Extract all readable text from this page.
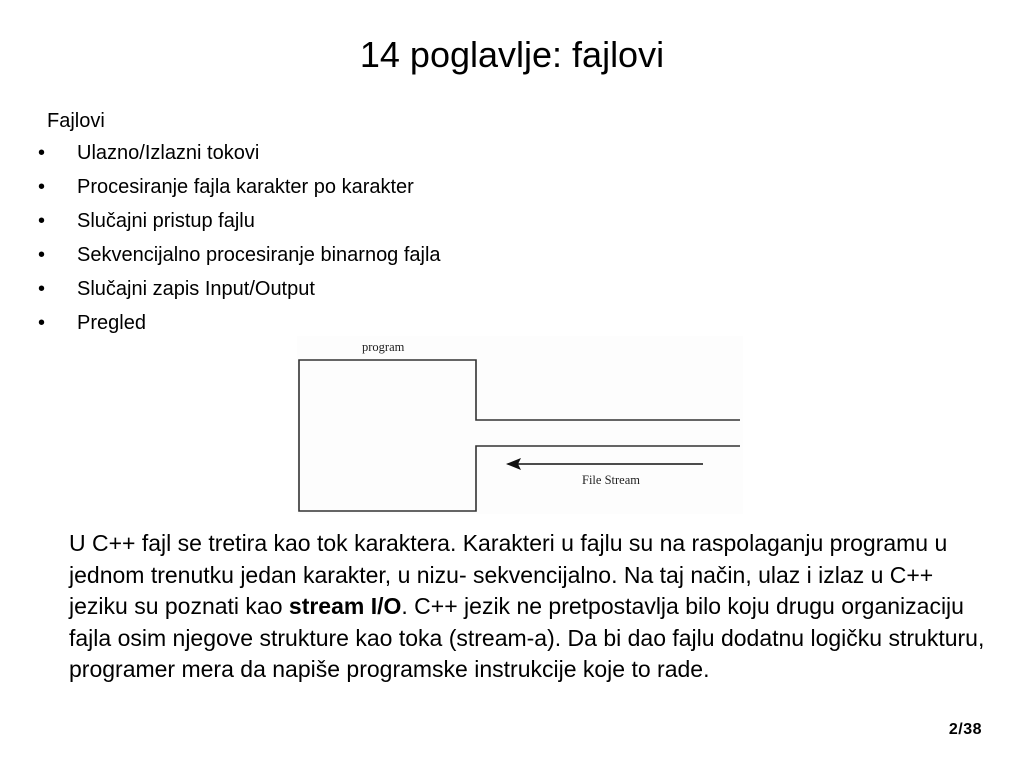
14 poglavlje: fajlovi
Fajlovi
• Ulazno/Izlazni tokovi
• Procesiranje fajla karakter po karakter
• Slučajni pristup fajlu
• Sekvencijalno procesiranje binarnog fajla
• Slučajni zapis Input/Output
• Pregled
program
File Stream

U C++ fajl se tretira kao tok karaktera. Karakteri u fajlu su na raspolaganju programu u jednom trenutku jedan karakter, u nizu- sekvencijalno. Na taj način, ulaz i izlaz u C++ jeziku su poznati kao stream I/O. C++ jezik ne pretpostavlja bilo koju drugu organizaciju fajla osim njegove strukture kao toka (stream-a). Da bi dao fajlu dodatnu logičku strukturu, programer mera da napiše programske instrukcije koje to rade.

2/38
